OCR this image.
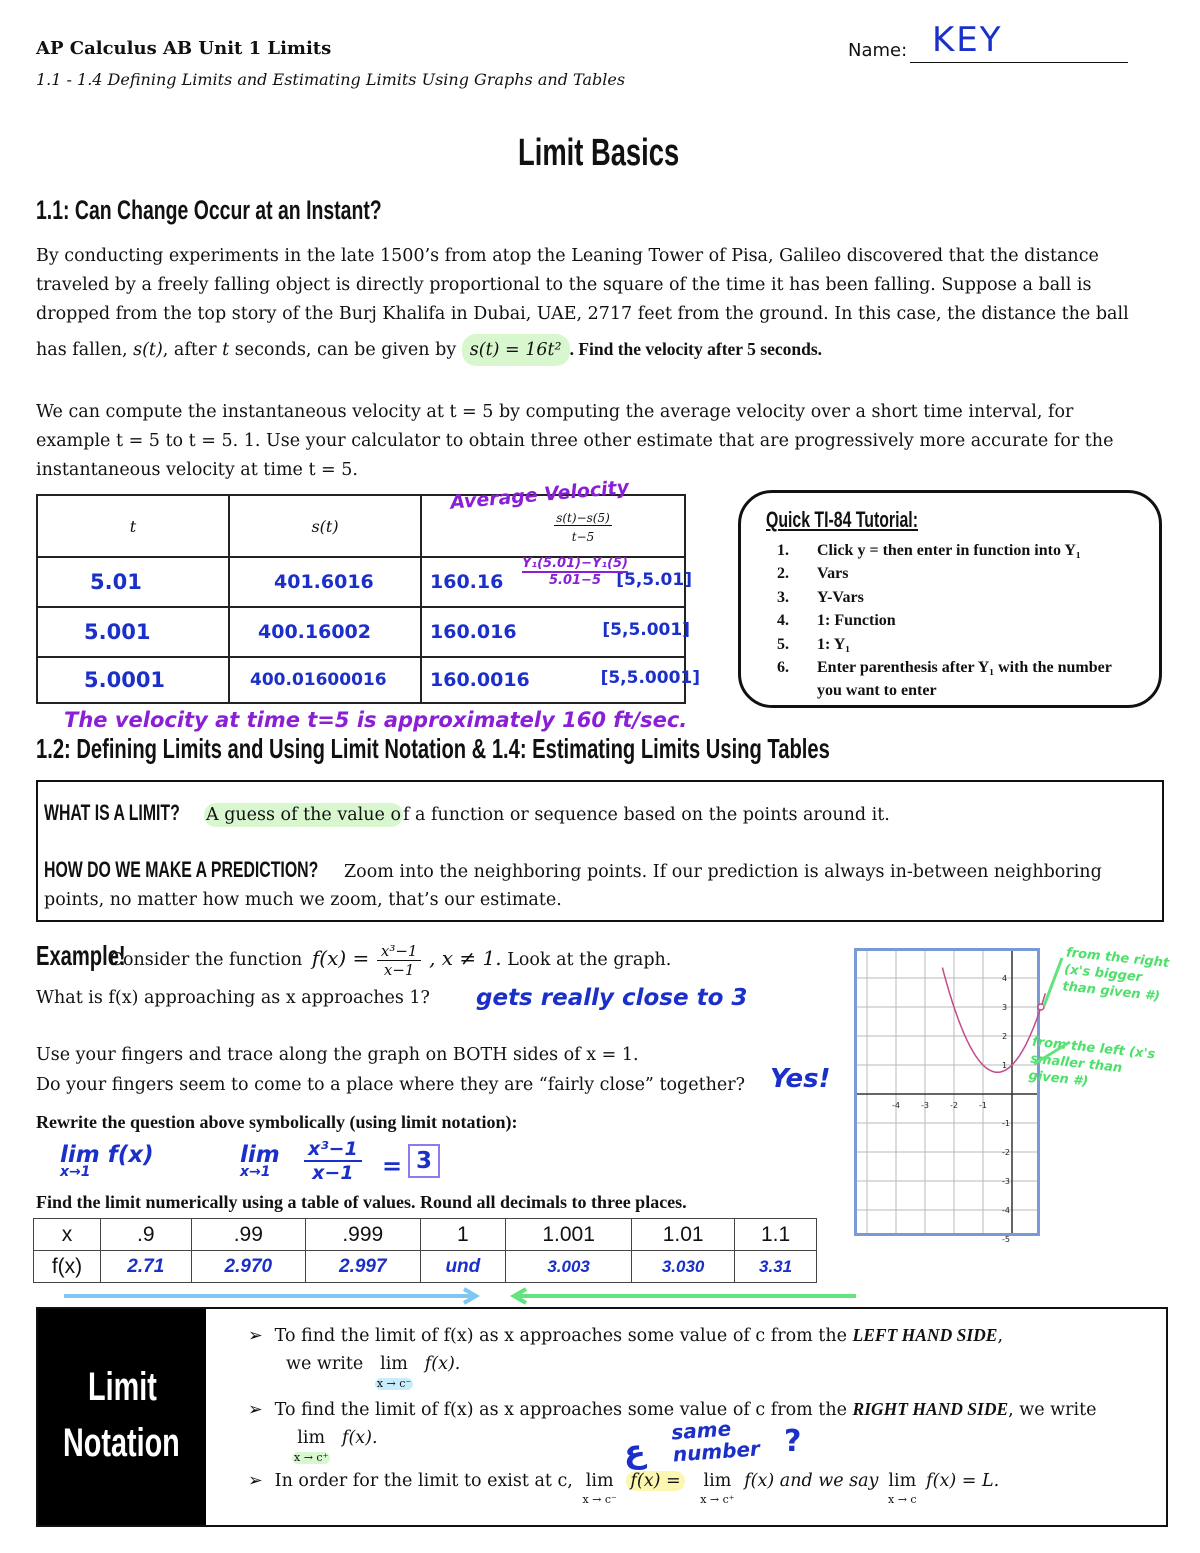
AP Calculus AB Unit 1 Limits
1.1 - 1.4 Defining Limits and Estimating Limits Using Graphs and Tables
Name: KEY
Limit Basics
1.1: Can Change Occur at an Instant?
By conducting experiments in the late 1500’s from atop the Leaning Tower of Pisa, Galileo discovered that the distance
traveled by a freely falling object is directly proportional to the square of the time it has been falling. Suppose a ball is
dropped from the top story of the Burj Khalifa in Dubai, UAE, 2717 feet from the ground. In this case, the distance the ball
has fallen, s(t), after t seconds, can be given by s(t) = 16t² . Find the velocity after 5 seconds.
We can compute the instantaneous velocity at t = 5 by computing the average velocity over a short time interval, for
example t = 5 to t = 5. 1. Use your calculator to obtain three other estimate that are progressively more accurate for the
instantaneous velocity at time t = 5.
t	s(t)	s(t)−s(5)
t−5
5.01	401.6016	160.16 [5,5.01]

5.001	400.16002	160.016 [5,5.001]

5.0001	400.01600016	160.0016 [5,5.0001]
Average Velocity
Y₁(5.01)−Y₁(5)
5.01−5
The velocity at time t=5 is approximately 160 ft/sec.
Quick TI-84 Tutorial:
1.	Click y = then enter in function into Y₁
2.	Vars
3.	Y-Vars
4.	1: Function
5.	1: Y₁
6.	Enter parenthesis after Y₁ with the number you want to enter
1.2: Defining Limits and Using Limit Notation & 1.4: Estimating Limits Using Tables
WHAT IS A LIMIT? A guess of the value o f a function or sequence based on the points around it.
HOW DO WE MAKE A PREDICTION? Zoom into the neighboring points. If our prediction is always in-between neighboring
points, no matter how much we zoom, that’s our estimate.
Example! Consider the function $f(x) = \frac{\text{x³−1}}{x-1}$ , x ≠ 1. Look at the graph.
What is f(x) approaching as x approaches 1? gets really close to 3
Use your fingers and trace along the graph on BOTH sides of x = 1.
Do your fingers seem to come to a place where they are “fairly close” together? Yes!
Rewrite the question above symbolically (using limit notation):
lim f(x)
x→1
lim
x→1
x³−1
x−1	= 3
Find the limit numerically using a table of values. Round all decimals to three places.
x	.9	.99	.999	1	1.001	1.01	1.1
f(x)	2.71	2.970	2.997	und	3.003	3.030	3.31
-4	-3	-2	-1
4
3
2
1
-1
-2
-3
-4
-5
from the right (x's bigger than given #)
from the left (x's smaller than given #)
Limit
Notation
➢ To find the limit of f(x) as x approaches some value of c from the LEFT HAND SIDE,
we write lim
x → c⁻
f(x).
➢ To find the limit of f(x) as x approaches some value of c from the RIGHT HAND SIDE, we write

lim
x → c⁺
f(x).
➢ In order for the limit to exist at c, lim
x → c⁻
f(x) = lim
x → c⁺
f(x) and we say lim
x → c
f(x) = L.
same number
ع	?
